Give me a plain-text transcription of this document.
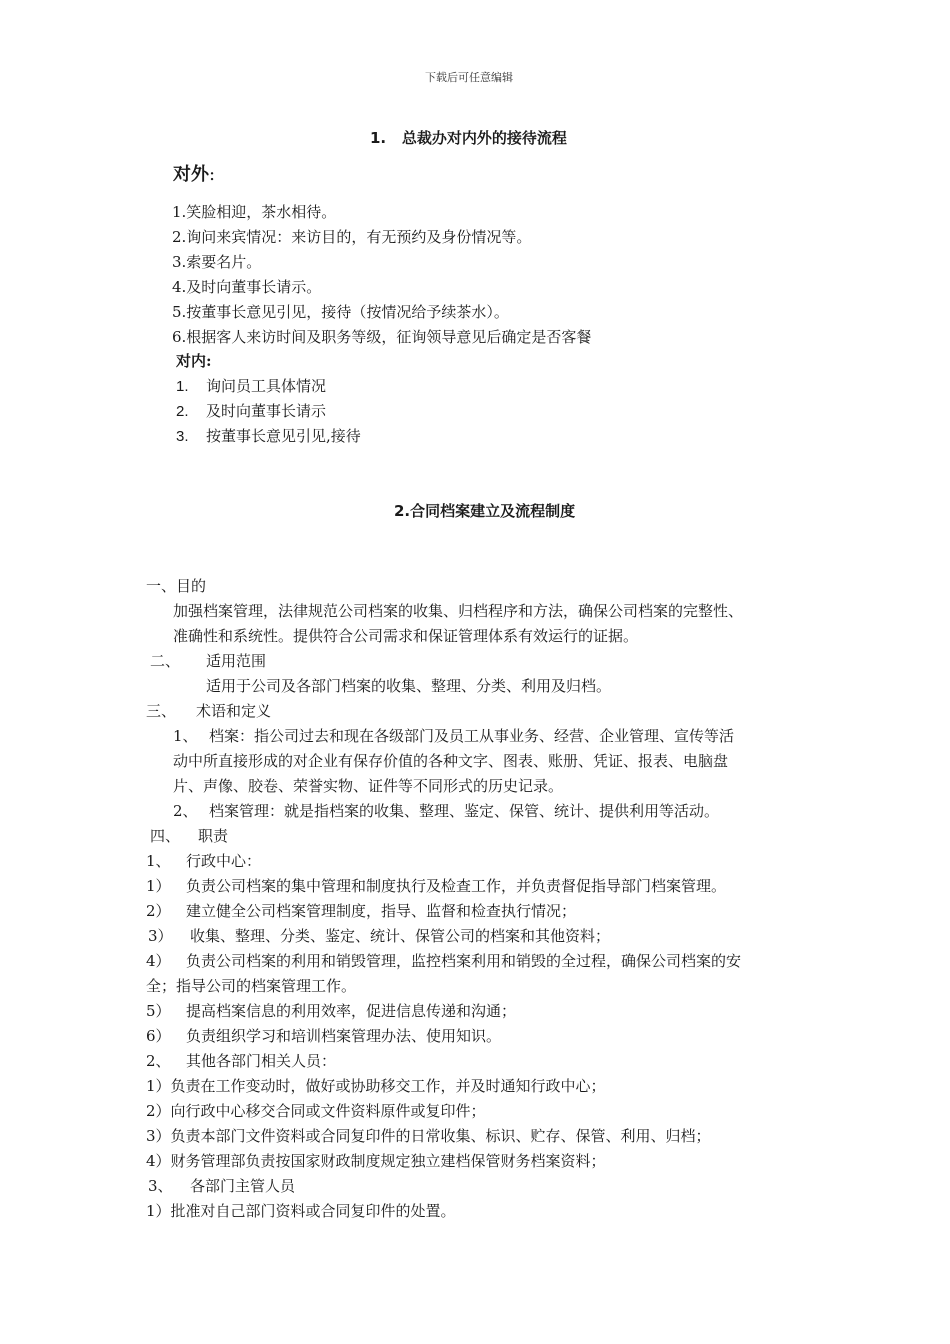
下载后可任意编辑
1. 总裁办对内外的接待流程
对外:
1.笑脸相迎，茶水相待。
2.询问来宾情况：来访目的，有无预约及身份情况等。
3.索要名片。
4.及时向董事长请示。
5.按董事长意见引见，接待（按情况给予续茶水）。
6.根据客人来访时间及职务等级，征询领导意见后确定是否客餐
对内:
1. 询问员工具体情况
2. 及时向董事长请示
3. 按董事长意见引见,接待
2.合同档案建立及流程制度
一、目的
加强档案管理，法律规范公司档案的收集、归档程序和方法，确保公司档案的完整性、
准确性和系统性。提供符合公司需求和保证管理体系有效运行的证据。
二、 适用范围
适用于公司及各部门档案的收集、整理、分类、利用及归档。
三、 术语和定义
1、 档案：指公司过去和现在各级部门及员工从事业务、经营、企业管理、宣传等活
动中所直接形成的对企业有保存价值的各种文字、图表、账册、凭证、报表、电脑盘
片、声像、胶卷、荣誉实物、证件等不同形式的历史记录。
2、 档案管理：就是指档案的收集、整理、鉴定、保管、统计、提供利用等活动。
四、 职责
1、 行政中心：
1） 负责公司档案的集中管理和制度执行及检查工作，并负责督促指导部门档案管理。
2） 建立健全公司档案管理制度，指导、监督和检查执行情况；
3） 收集、整理、分类、鉴定、统计、保管公司的档案和其他资料；
4） 负责公司档案的利用和销毁管理，监控档案利用和销毁的全过程，确保公司档案的安
全；指导公司的档案管理工作。
5） 提高档案信息的利用效率，促进信息传递和沟通；
6） 负责组织学习和培训档案管理办法、使用知识。
2、 其他各部门相关人员：
1）负责在工作变动时，做好或协助移交工作，并及时通知行政中心；
2）向行政中心移交合同或文件资料原件或复印件；
3）负责本部门文件资料或合同复印件的日常收集、标识、贮存、保管、利用、归档；
4）财务管理部负责按国家财政制度规定独立建档保管财务档案资料；
3、 各部门主管人员
1）批准对自己部门资料或合同复印件的处置。
